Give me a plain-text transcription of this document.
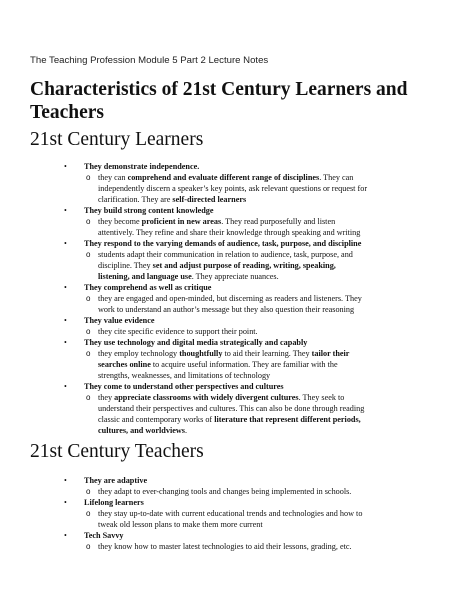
The Teaching Profession Module 5 Part 2 Lecture Notes
Characteristics of 21st Century Learners and Teachers
21st Century Learners
•	They demonstrate independence.
o they can comprehend and evaluate different range of disciplines. They can
independently discern a speaker’s key points, ask relevant questions or request for
clarification. They are self-directed learners
•	They build strong content knowledge
o they become proficient in new areas. They read purposefully and listen
attentively. They refine and share their knowledge through speaking and writing
•	They respond to the varying demands of audience, task, purpose, and discipline
o students adapt their communication in relation to audience, task, purpose, and
discipline. They set and adjust purpose of reading, writing, speaking,
listening, and language use. They appreciate nuances.
•	They comprehend as well as critique
o they are engaged and open-minded, but discerning as readers and listeners. They
work to understand an author’s message but they also question their reasoning
•	They value evidence
o they cite specific evidence to support their point.
•	They use technology and digital media strategically and capably
o they employ technology thoughtfully to aid their learning. They tailor their
searches online to acquire useful information. They are familiar with the
strengths, weaknesses, and limitations of technology
•	They come to understand other perspectives and cultures
o they appreciate classrooms with widely divergent cultures. They seek to
understand their perspectives and cultures. This can also be done through reading
classic and contemporary works of literature that represent different periods,
cultures, and worldviews.
21st Century Teachers
•	They are adaptive
o they adapt to ever-changing tools and changes being implemented in schools.
•	Lifelong learners
o they stay up-to-date with current educational trends and technologies and how to
tweak old lesson plans to make them more current
•	Tech Savvy
o they know how to master latest technologies to aid their lessons, grading, etc.
